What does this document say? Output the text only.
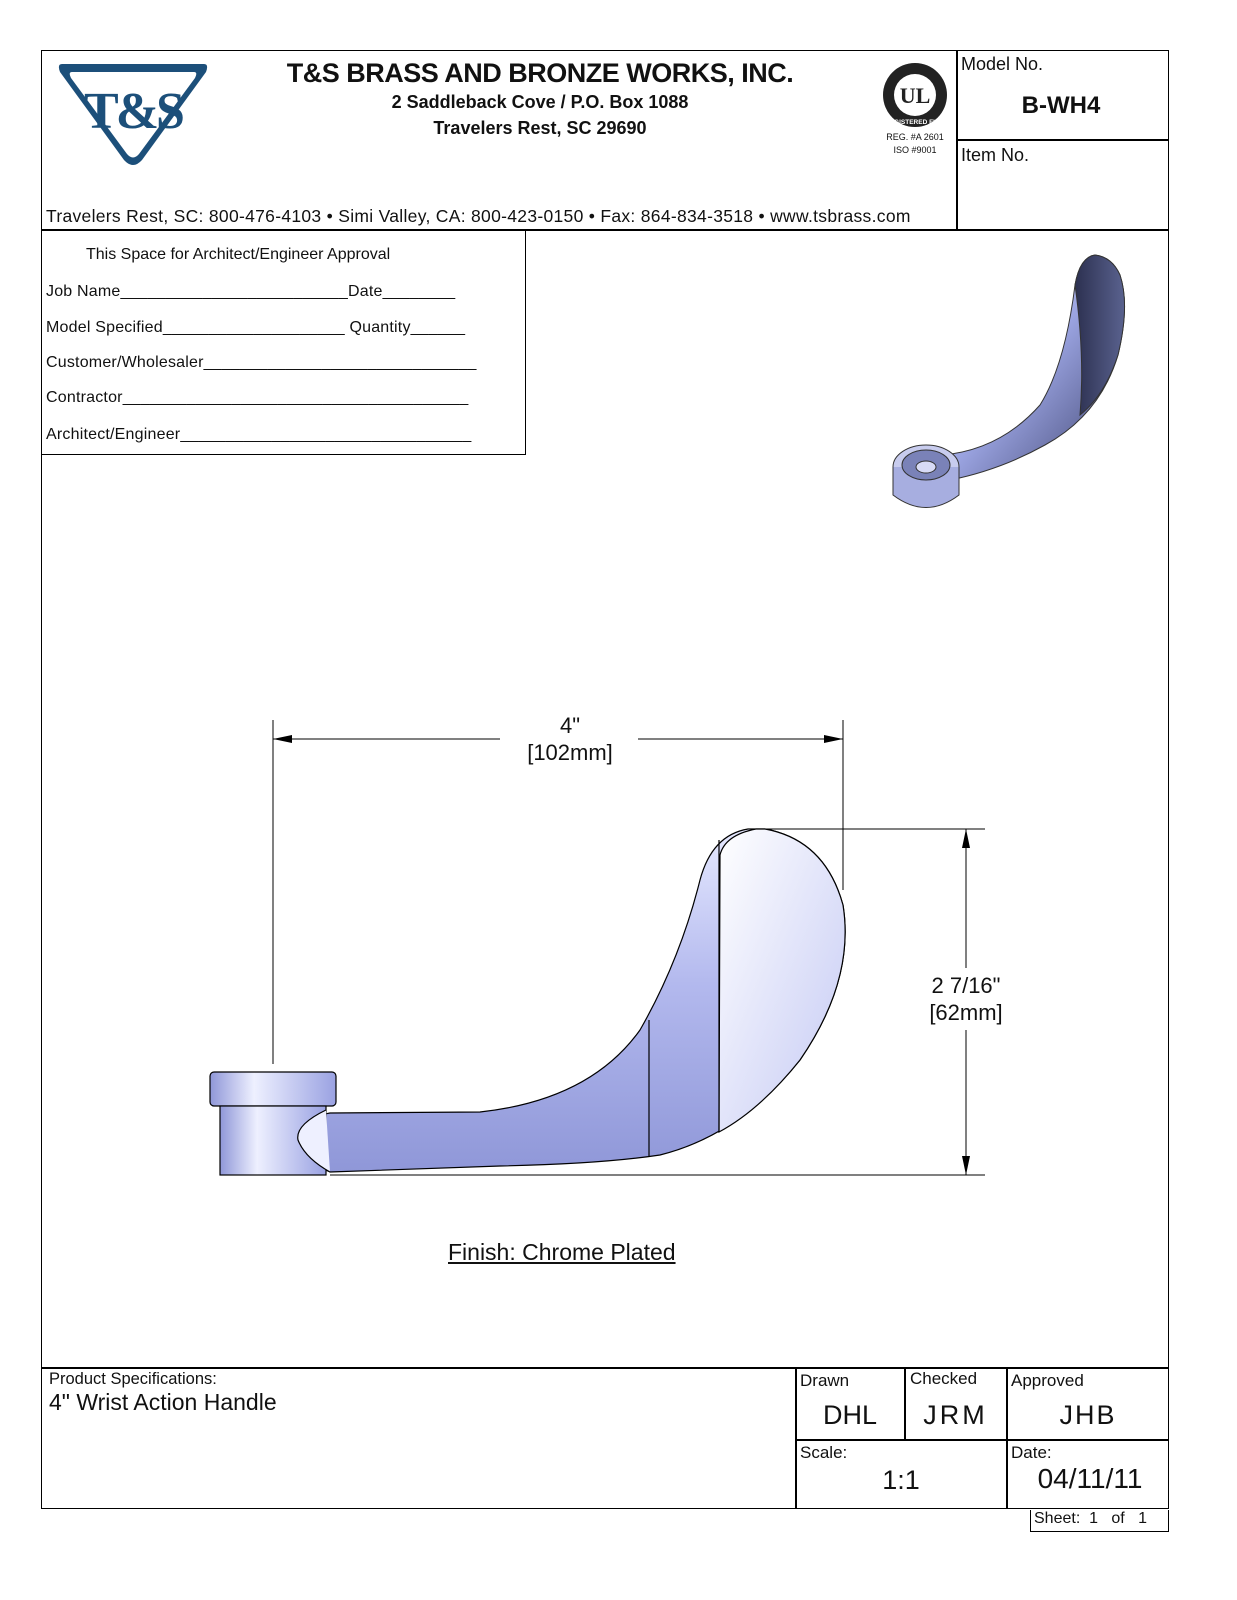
T&S
T&S BRASS AND BRONZE WORKS, INC.
2 Saddleback Cove / P.O. Box 1088
Travelers Rest, SC 29690
UL
REGISTERED FIRM
REG. #A 2601
ISO #9001
Model No.
B-WH4
Item No.
Travelers Rest, SC: 800-476-4103 • Simi Valley, CA: 800-423-0150 • Fax: 864-834-3518 • www.tsbrass.com
This Space for Architect/Engineer Approval
Job Name_________________________Date________
Model Specified____________________ Quantity______
Customer/Wholesaler______________________________
Contractor______________________________________
Architect/Engineer________________________________
4"
[102mm]
2 7/16"
[62mm]
Finish: Chrome Plated
Product Specifications:
4" Wrist Action Handle
Drawn
DHL
Checked
JRM
Approved
JHB
Scale:
1:1
Date:
04/11/11
Sheet:  1   of   1
